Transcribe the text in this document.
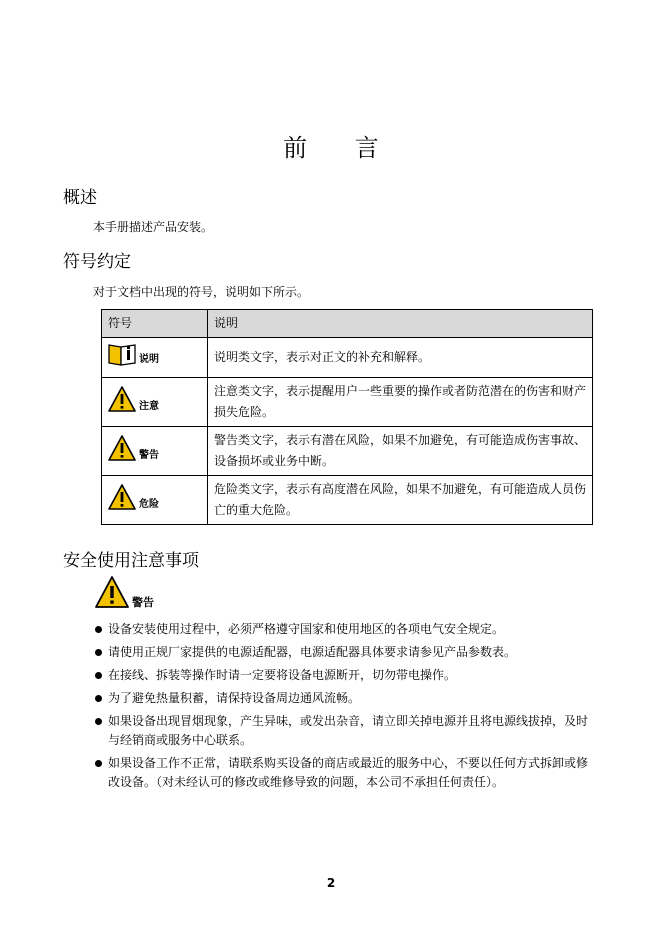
前 言
概述
本手册描述产品安装。
符号约定
对于文档中出现的符号，说明如下所示。
符号	说明

说明	说明类文字，表示对正文的补充和解释。

注意	注意类文字，表示提醒用户一些重要的操作或者防范潜在的伤害和财产损失危险。

警告	警告类文字，表示有潜在风险，如果不加避免，有可能造成伤害事故、设备损坏或业务中断。

危险	危险类文字，表示有高度潜在风险，如果不加避免，有可能造成人员伤亡的重大危险。
安全使用注意事项
警告
设备安装使用过程中，必须严格遵守国家和使用地区的各项电气安全规定。
请使用正规厂家提供的电源适配器，电源适配器具体要求请参见产品参数表。
在接线、拆装等操作时请一定要将设备电源断开，切勿带电操作。
为了避免热量积蓄，请保持设备周边通风流畅。
如果设备出现冒烟现象，产生异味，或发出杂音，请立即关掉电源并且将电源线拔掉，及时与经销商或服务中心联系。
如果设备工作不正常，请联系购买设备的商店或最近的服务中心，不要以任何方式拆卸或修改设备。（对未经认可的修改或维修导致的问题，本公司不承担任何责任）。
2
